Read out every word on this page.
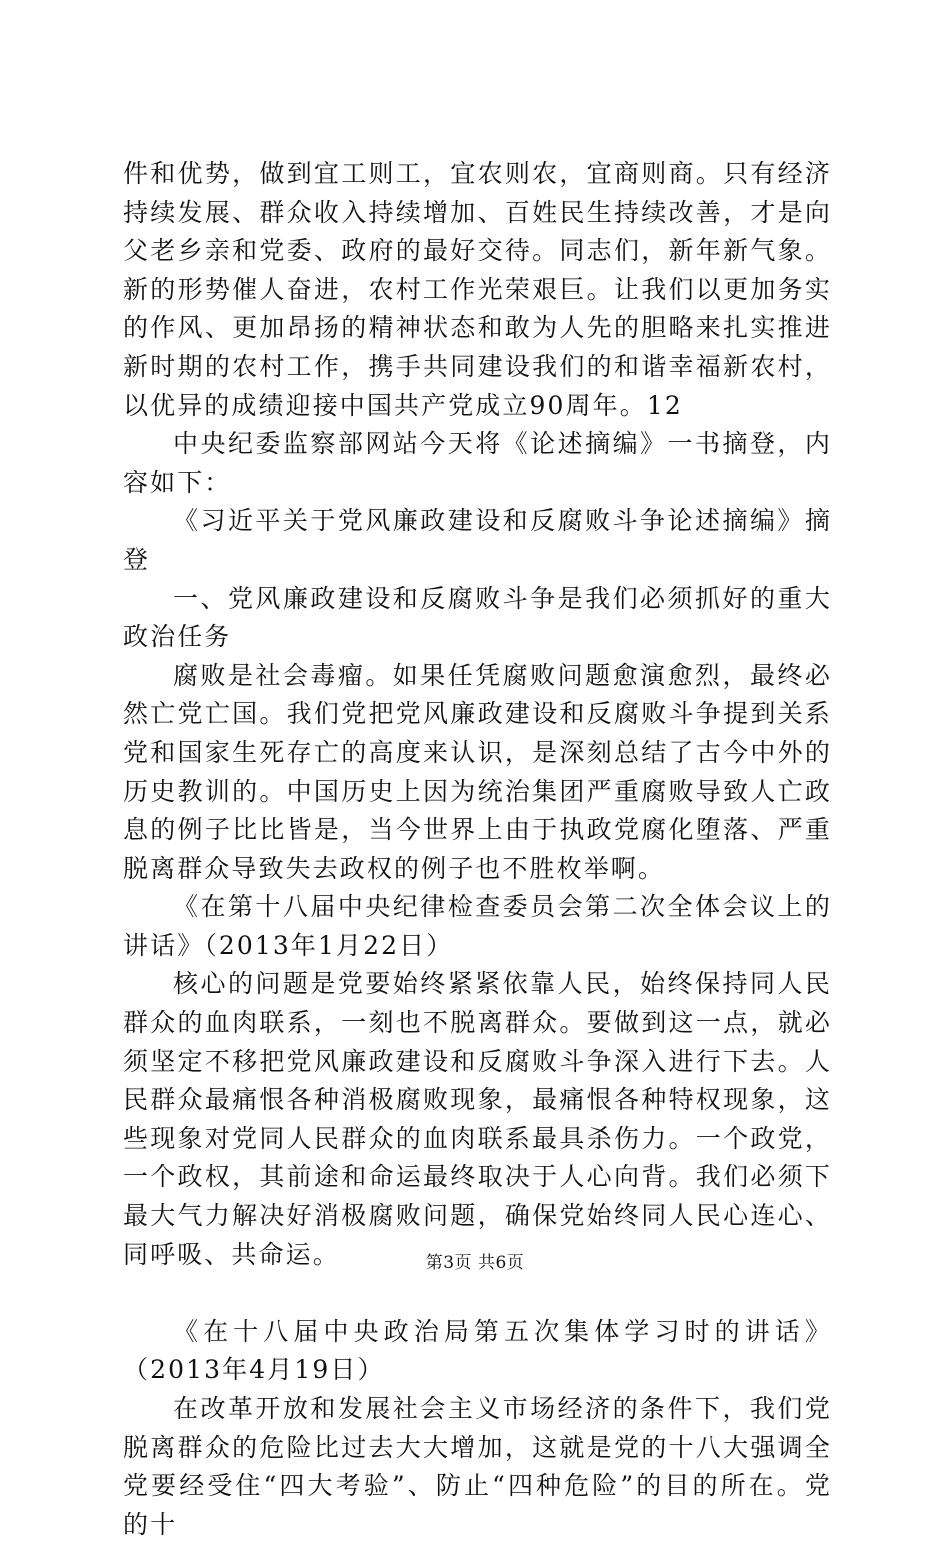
件和优势，做到宜工则工，宜农则农，宜商则商。只有经济持续发展、群众收入持续增加、百姓民生持续改善，才是向父老乡亲和党委、政府的最好交待。同志们，新年新气象。新的形势催人奋进，农村工作光荣艰巨。让我们以更加务实的作风、更加昂扬的精神状态和敢为人先的胆略来扎实推进新时期的农村工作，携手共同建设我们的和谐幸福新农村，以优异的成绩迎接中国共产党成立90周年。12

中央纪委监察部网站今天将《论述摘编》一书摘登，内容如下：

《习近平关于党风廉政建设和反腐败斗争论述摘编》摘登

一、党风廉政建设和反腐败斗争是我们必须抓好的重大政治任务

腐败是社会毒瘤。如果任凭腐败问题愈演愈烈，最终必然亡党亡国。我们党把党风廉政建设和反腐败斗争提到关系党和国家生死存亡的高度来认识，是深刻总结了古今中外的历史教训的。中国历史上因为统治集团严重腐败导致人亡政息的例子比比皆是，当今世界上由于执政党腐化堕落、严重脱离群众导致失去政权的例子也不胜枚举啊。

《在第十八届中央纪律检查委员会第二次全体会议上的讲话》（2013年1月22日）

核心的问题是党要始终紧紧依靠人民，始终保持同人民群众的血肉联系，一刻也不脱离群众。要做到这一点，就必须坚定不移把党风廉政建设和反腐败斗争深入进行下去。人民群众最痛恨各种消极腐败现象，最痛恨各种特权现象，这些现象对党同人民群众的血肉联系最具杀伤力。一个政党，一个政权，其前途和命运最终取决于人心向背。我们必须下最大气力解决好消极腐败问题，确保党始终同人民心连心、同呼吸、共命运。

《在十八届中央政治局第五次集体学习时的讲话》（2013年4月19日）

在改革开放和发展社会主义市场经济的条件下，我们党脱离群众的危险比过去大大增加，这就是党的十八大强调全党要经受住“四大考验”、防止“四种危险”的目的所在。党的十

第3页 共6页
